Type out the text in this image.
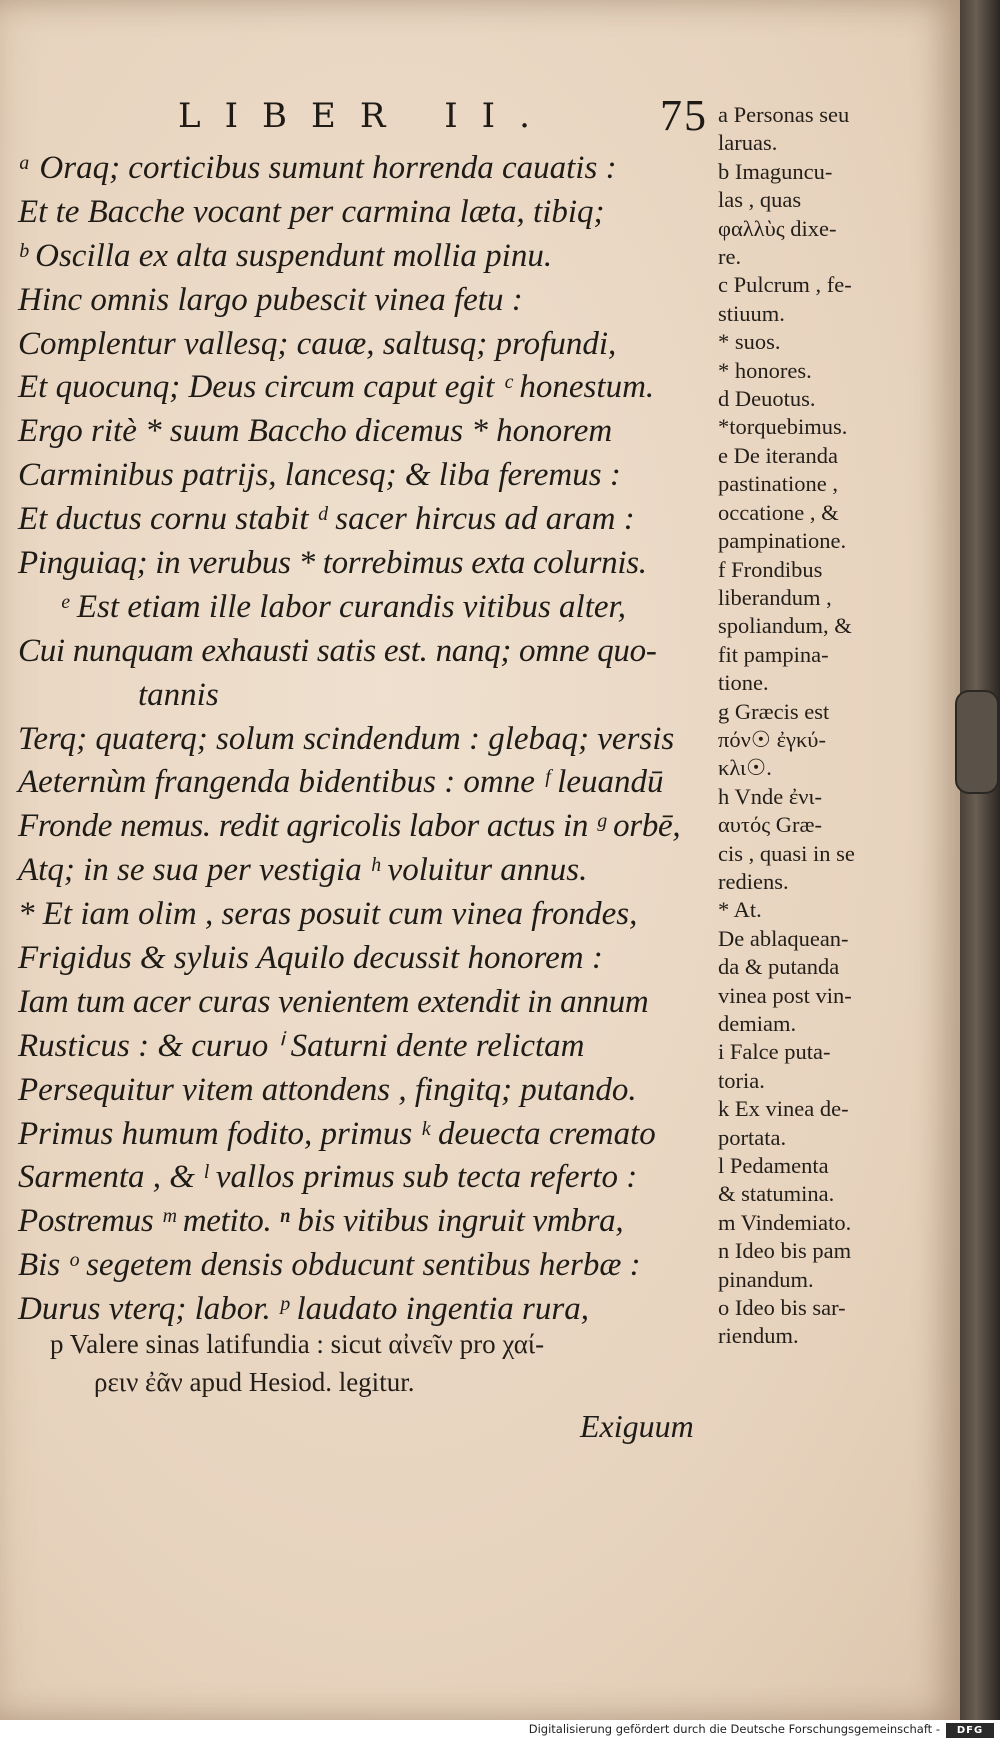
LIBER II. 75
ᵃ Oraq; corticibus sumunt horrenda cauatis :
Et te Bacche vocant per carmina læta, tibiq;
ᵇ Oscilla ex alta suspendunt mollia pinu.
Hinc omnis largo pubescit vinea fetu :
Complentur vallesq; cauæ, saltusq; profundi,
Et quocunq; Deus circum caput egit ᶜ honestum.
Ergo ritè * suum Baccho dicemus * honorem
Carminibus patrijs, lancesq; & liba feremus :
Et ductus cornu stabit ᵈ sacer hircus ad aram :
Pinguiaq; in verubus * torrebimus exta colurnis.
ᵉ Est etiam ille labor curandis vitibus alter,
Cui nunquam exhausti satis est. nanq; omne quo-
tannis
Terq; quaterq; solum scindendum : glebaq; versis
Aeternùm frangenda bidentibus : omne ᶠ leuandū
Fronde nemus. redit agricolis labor actus in ᵍ orbē,
Atq; in se sua per vestigia ʰ voluitur annus.
* Et iam olim , seras posuit cum vinea frondes,
Frigidus & syluis Aquilo decussit honorem :
Iam tum acer curas venientem extendit in annum
Rusticus : & curuo ⁱ Saturni dente relictam
Persequitur vitem attondens , fingitq; putando.
Primus humum fodito, primus ᵏ deuecta cremato
Sarmenta , & ˡ vallos primus sub tecta referto :
Postremus ᵐ metito. ⁿ bis vitibus ingruit vmbra,
Bis ᵒ segetem densis obducunt sentibus herbæ :
Durus vterq; labor. ᵖ laudato ingentia rura,
a Personas seu
laruas.
b Imaguncu-
las , quas
φαλλὺς dixe-
re.
c Pulcrum , fe-
stiuum.
* suos.
* honores.
d Deuotus.
*torquebimus.
e De iteranda
pastinatione ,
occatione , &
pampinatione.
f Frondibus
liberandum ,
spoliandum, &
fit pampina-
tione.
g Græcis est
πόν☉ ἐγκύ-
κλι☉.
h Vnde ἐνι-
αυτός Græ-
cis , quasi in se
rediens.
* At.
De ablaquean-
da & putanda
vinea post vin-
demiam.
i Falce puta-
toria.
k Ex vinea de-
portata.
l Pedamenta
& statumina.
m Vindemiato.
n Ideo bis pam
pinandum.
o Ideo bis sar-
riendum.
p Valere sinas latifundia : sicut αἰνεῖν pro χαί-
ρειν ἐᾶν apud Hesiod. legitur.
Exiguum
Digitalisierung gefördert durch die Deutsche Forschungsgemeinschaft -	DFG
